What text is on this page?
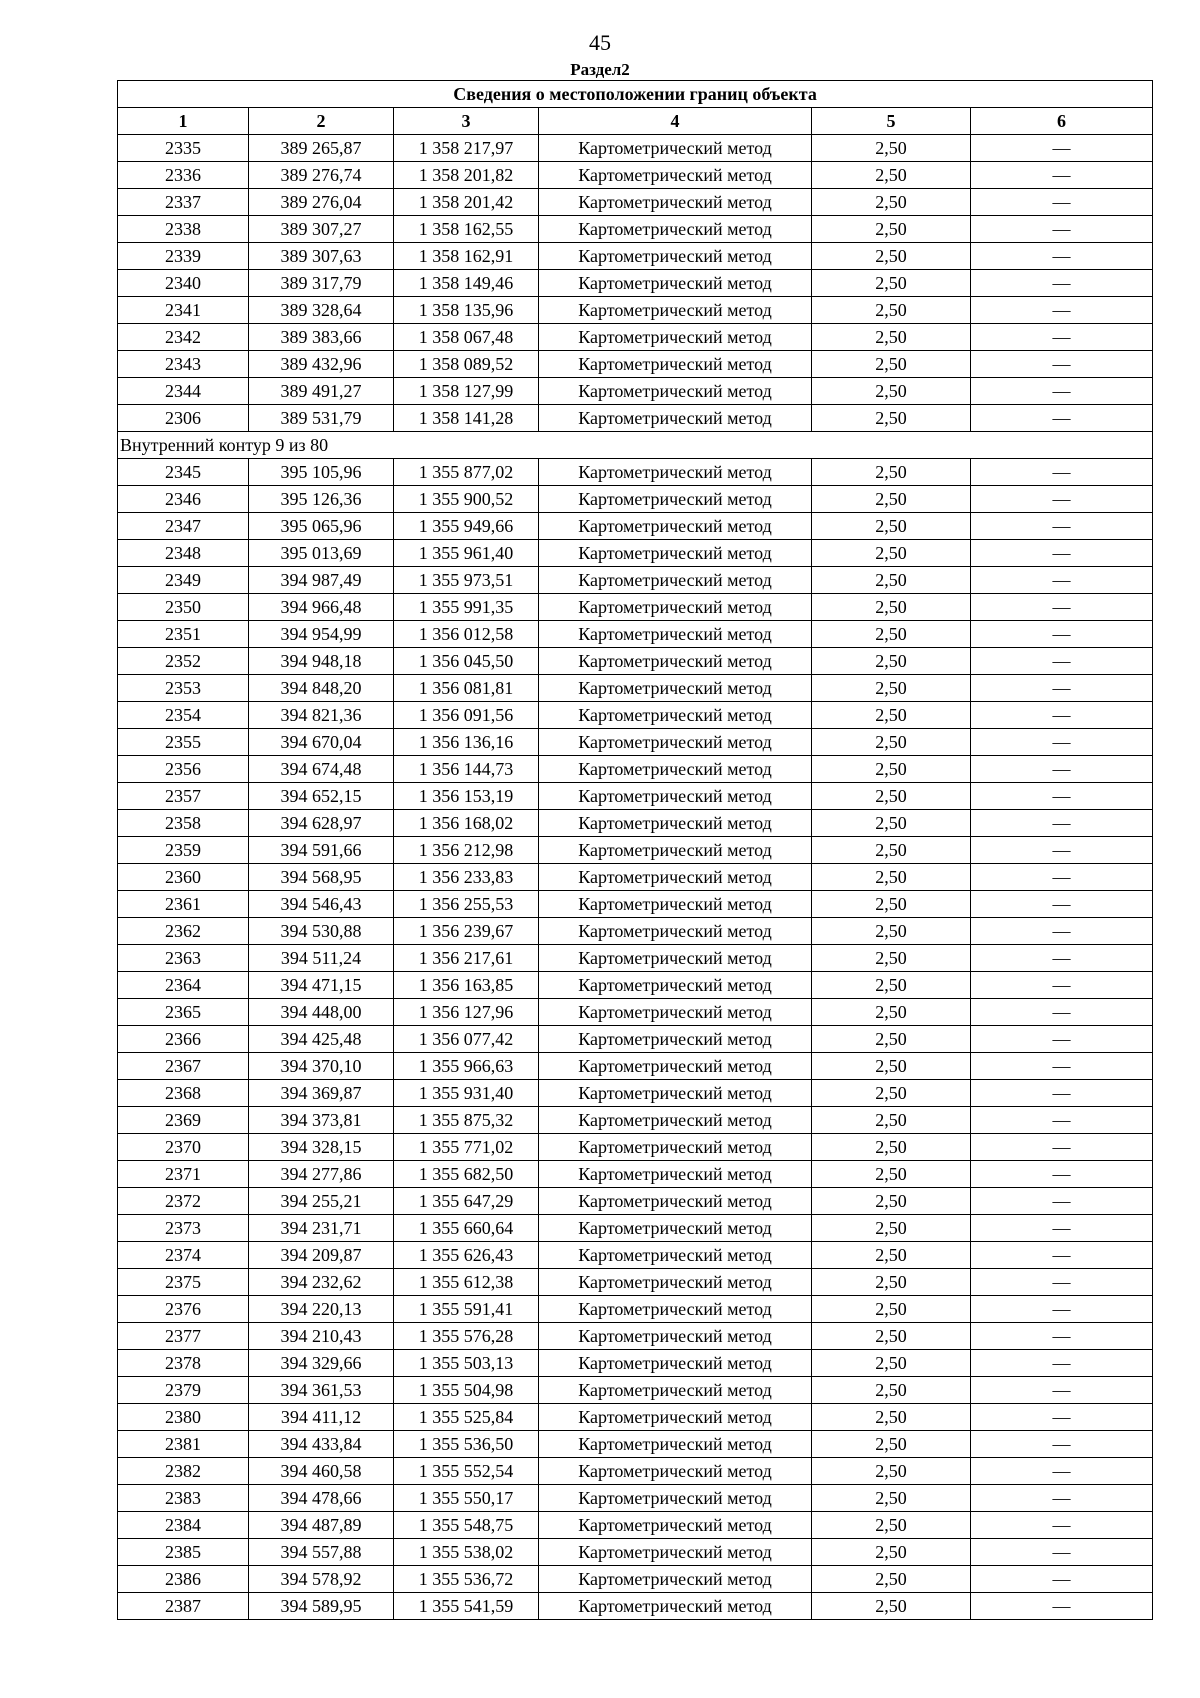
45
Раздел2
Сведения о местоположении границ объекта					
1	2	3	4	5	6
2335	389 265,87	1 358 217,97	Картометрический метод	2,50	—
2336	389 276,74	1 358 201,82	Картометрический метод	2,50	—
2337	389 276,04	1 358 201,42	Картометрический метод	2,50	—
2338	389 307,27	1 358 162,55	Картометрический метод	2,50	—
2339	389 307,63	1 358 162,91	Картометрический метод	2,50	—
2340	389 317,79	1 358 149,46	Картометрический метод	2,50	—
2341	389 328,64	1 358 135,96	Картометрический метод	2,50	—
2342	389 383,66	1 358 067,48	Картометрический метод	2,50	—
2343	389 432,96	1 358 089,52	Картометрический метод	2,50	—
2344	389 491,27	1 358 127,99	Картометрический метод	2,50	—
2306	389 531,79	1 358 141,28	Картометрический метод	2,50	—
Внутренний контур 9 из 80					
2345	395 105,96	1 355 877,02	Картометрический метод	2,50	—
2346	395 126,36	1 355 900,52	Картометрический метод	2,50	—
2347	395 065,96	1 355 949,66	Картометрический метод	2,50	—
2348	395 013,69	1 355 961,40	Картометрический метод	2,50	—
2349	394 987,49	1 355 973,51	Картометрический метод	2,50	—
2350	394 966,48	1 355 991,35	Картометрический метод	2,50	—
2351	394 954,99	1 356 012,58	Картометрический метод	2,50	—
2352	394 948,18	1 356 045,50	Картометрический метод	2,50	—
2353	394 848,20	1 356 081,81	Картометрический метод	2,50	—
2354	394 821,36	1 356 091,56	Картометрический метод	2,50	—
2355	394 670,04	1 356 136,16	Картометрический метод	2,50	—
2356	394 674,48	1 356 144,73	Картометрический метод	2,50	—
2357	394 652,15	1 356 153,19	Картометрический метод	2,50	—
2358	394 628,97	1 356 168,02	Картометрический метод	2,50	—
2359	394 591,66	1 356 212,98	Картометрический метод	2,50	—
2360	394 568,95	1 356 233,83	Картометрический метод	2,50	—
2361	394 546,43	1 356 255,53	Картометрический метод	2,50	—
2362	394 530,88	1 356 239,67	Картометрический метод	2,50	—
2363	394 511,24	1 356 217,61	Картометрический метод	2,50	—
2364	394 471,15	1 356 163,85	Картометрический метод	2,50	—
2365	394 448,00	1 356 127,96	Картометрический метод	2,50	—
2366	394 425,48	1 356 077,42	Картометрический метод	2,50	—
2367	394 370,10	1 355 966,63	Картометрический метод	2,50	—
2368	394 369,87	1 355 931,40	Картометрический метод	2,50	—
2369	394 373,81	1 355 875,32	Картометрический метод	2,50	—
2370	394 328,15	1 355 771,02	Картометрический метод	2,50	—
2371	394 277,86	1 355 682,50	Картометрический метод	2,50	—
2372	394 255,21	1 355 647,29	Картометрический метод	2,50	—
2373	394 231,71	1 355 660,64	Картометрический метод	2,50	—
2374	394 209,87	1 355 626,43	Картометрический метод	2,50	—
2375	394 232,62	1 355 612,38	Картометрический метод	2,50	—
2376	394 220,13	1 355 591,41	Картометрический метод	2,50	—
2377	394 210,43	1 355 576,28	Картометрический метод	2,50	—
2378	394 329,66	1 355 503,13	Картометрический метод	2,50	—
2379	394 361,53	1 355 504,98	Картометрический метод	2,50	—
2380	394 411,12	1 355 525,84	Картометрический метод	2,50	—
2381	394 433,84	1 355 536,50	Картометрический метод	2,50	—
2382	394 460,58	1 355 552,54	Картометрический метод	2,50	—
2383	394 478,66	1 355 550,17	Картометрический метод	2,50	—
2384	394 487,89	1 355 548,75	Картометрический метод	2,50	—
2385	394 557,88	1 355 538,02	Картометрический метод	2,50	—
2386	394 578,92	1 355 536,72	Картометрический метод	2,50	—
2387	394 589,95	1 355 541,59	Картометрический метод	2,50	—
